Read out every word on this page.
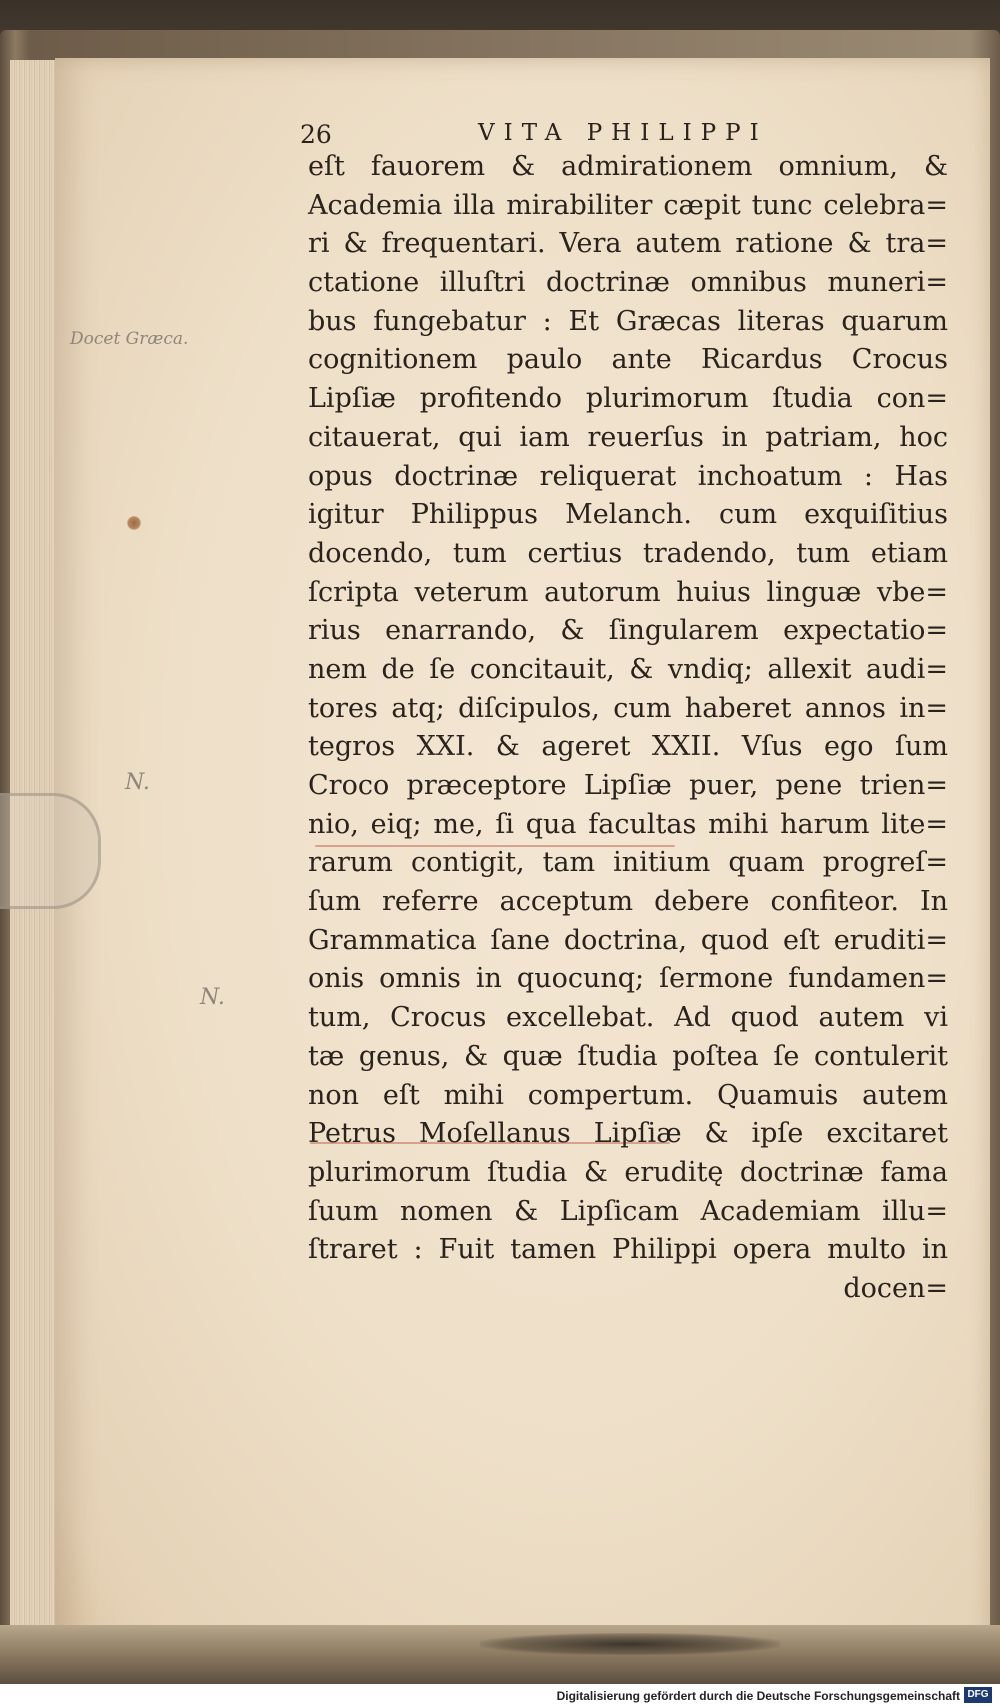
26	VITA PHILIPPI
Docet Græca.
N.
N.
eſt fauorem & admirationem omnium, &
Academia illa mirabiliter cæpit tunc celebra=
ri & frequentari. Vera autem ratione & tra=
ctatione illuſtri doctrinæ omnibus muneri=
bus fungebatur : Et Græcas literas quarum
cognitionem paulo ante Ricardus Crocus
Lipſiæ profitendo plurimorum ſtudia con=
citauerat, qui iam reuerſus in patriam, hoc
opus doctrinæ reliquerat inchoatum : Has
igitur Philippus Melanch. cum exquiſitius
docendo, tum certius tradendo, tum etiam
ſcripta veterum autorum huius linguæ vbe=
rius enarrando, & ſingularem expectatio=
nem de ſe concitauit, & vndiq; allexit audi=
tores atq; diſcipulos, cum haberet annos in=
tegros XXI. & ageret XXII. Vſus ego ſum
Croco præceptore Lipſiæ puer, pene trien=
nio, eiq; me, ſi qua facultas mihi harum lite=
rarum contigit, tam initium quam progreſ=
ſum referre acceptum debere confiteor. In
Grammatica ſane doctrina, quod eſt eruditi=
onis omnis in quocunq; ſermone fundamen=
tum, Crocus excellebat. Ad quod autem vi
tæ genus, & quæ ſtudia poſtea ſe contulerit
non eſt mihi compertum. Quamuis autem
Petrus Moſellanus Lipſiæ & ipſe excitaret
plurimorum ſtudia & eruditę doctrinæ fama
ſuum nomen & Lipſicam Academiam illu=
ſtraret : Fuit tamen Philippi opera multo in
docen=
Digitalisierung gefördert durch die Deutsche Forschungsgemeinschaft DFG
